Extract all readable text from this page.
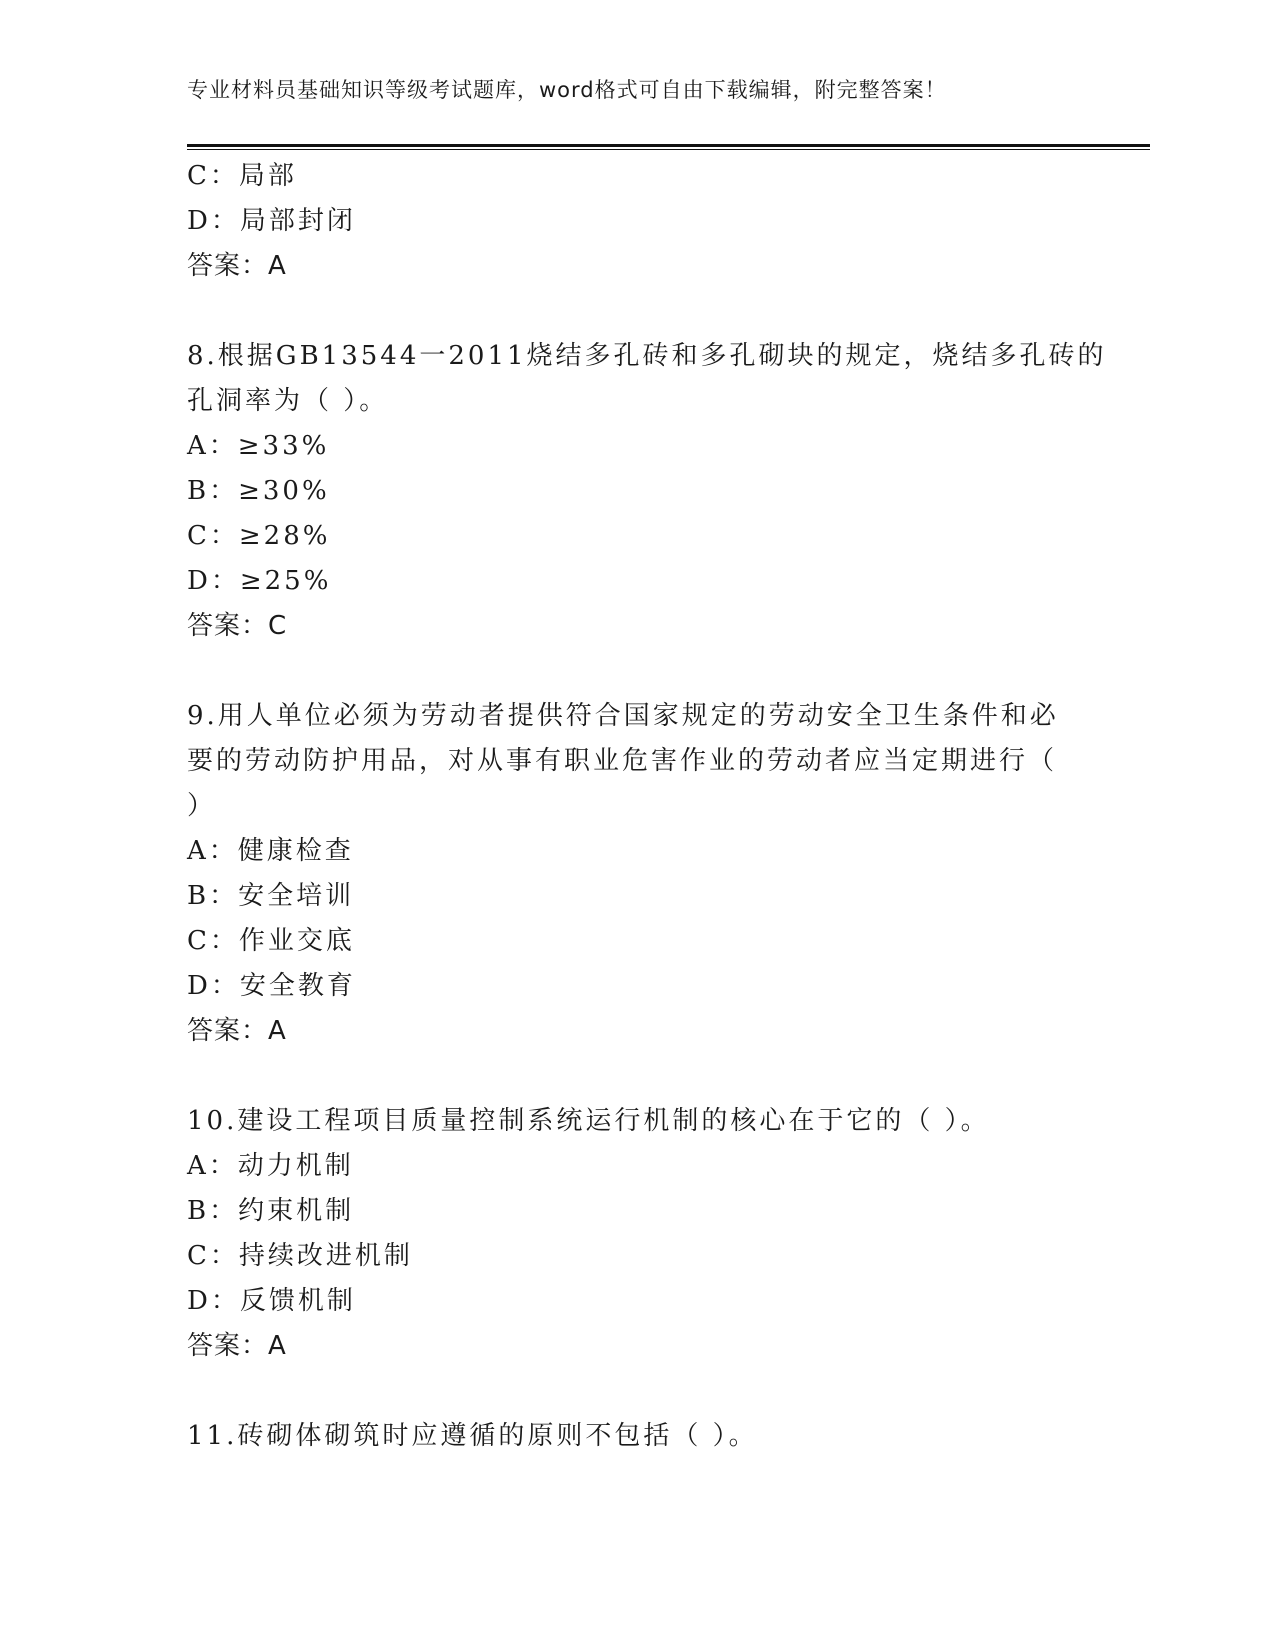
专业材料员基础知识等级考试题库，word格式可自由下载编辑，附完整答案！
C：局部
D：局部封闭
答案：A
8.根据GB13544一2011烧结多孔砖和多孔砌块的规定，烧结多孔砖的
孔洞率为（ ）。
A：≥33%
B：≥30%
C：≥28%
D：≥25%
答案：C
9.用人单位必须为劳动者提供符合国家规定的劳动安全卫生条件和必
要的劳动防护用品，对从事有职业危害作业的劳动者应当定期进行（
）
A：健康检查
B：安全培训
C：作业交底
D：安全教育
答案：A
10.建设工程项目质量控制系统运行机制的核心在于它的（ ）。
A：动力机制
B：约束机制
C：持续改进机制
D：反馈机制
答案：A
11.砖砌体砌筑时应遵循的原则不包括（ ）。
